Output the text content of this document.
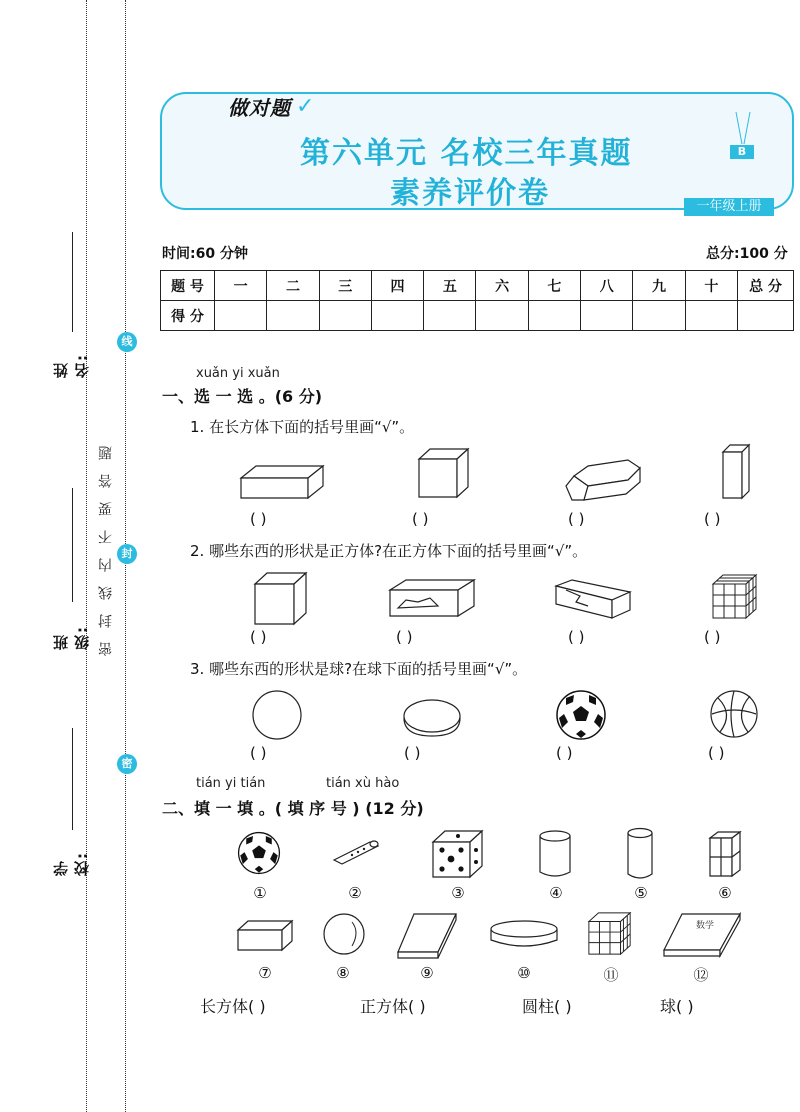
姓名:
班级:
学校:
密封线内不要答题
线
封
密
做对题 ✓
第六单元 名校三年真题
素养评价卷
B
一年级上册
时间:60 分钟	总分:100 分
题 号	一	二	三	四	五	六	七	八	九	十	总 分
得 分											
xuǎn yi xuǎn
一、选 一 选 。(6 分)
1. 在长方体下面的括号里画“√”。
( )	( )	( )	( )
2. 哪些东西的形状是正方体?在正方体下面的括号里画“√”。
( )	( )	( )	( )
3. 哪些东西的形状是球?在球下面的括号里画“√”。
( )	( )	( )	( )
tián yi tián	tián xù hào
二、填 一 填 。( 填 序 号 ) (12 分)
①	②	③	④	⑤	⑥
数学
⑦	⑧	⑨	⑩	⑪	⑫
长方体( )	正方体( )	圆柱( )	球( )
